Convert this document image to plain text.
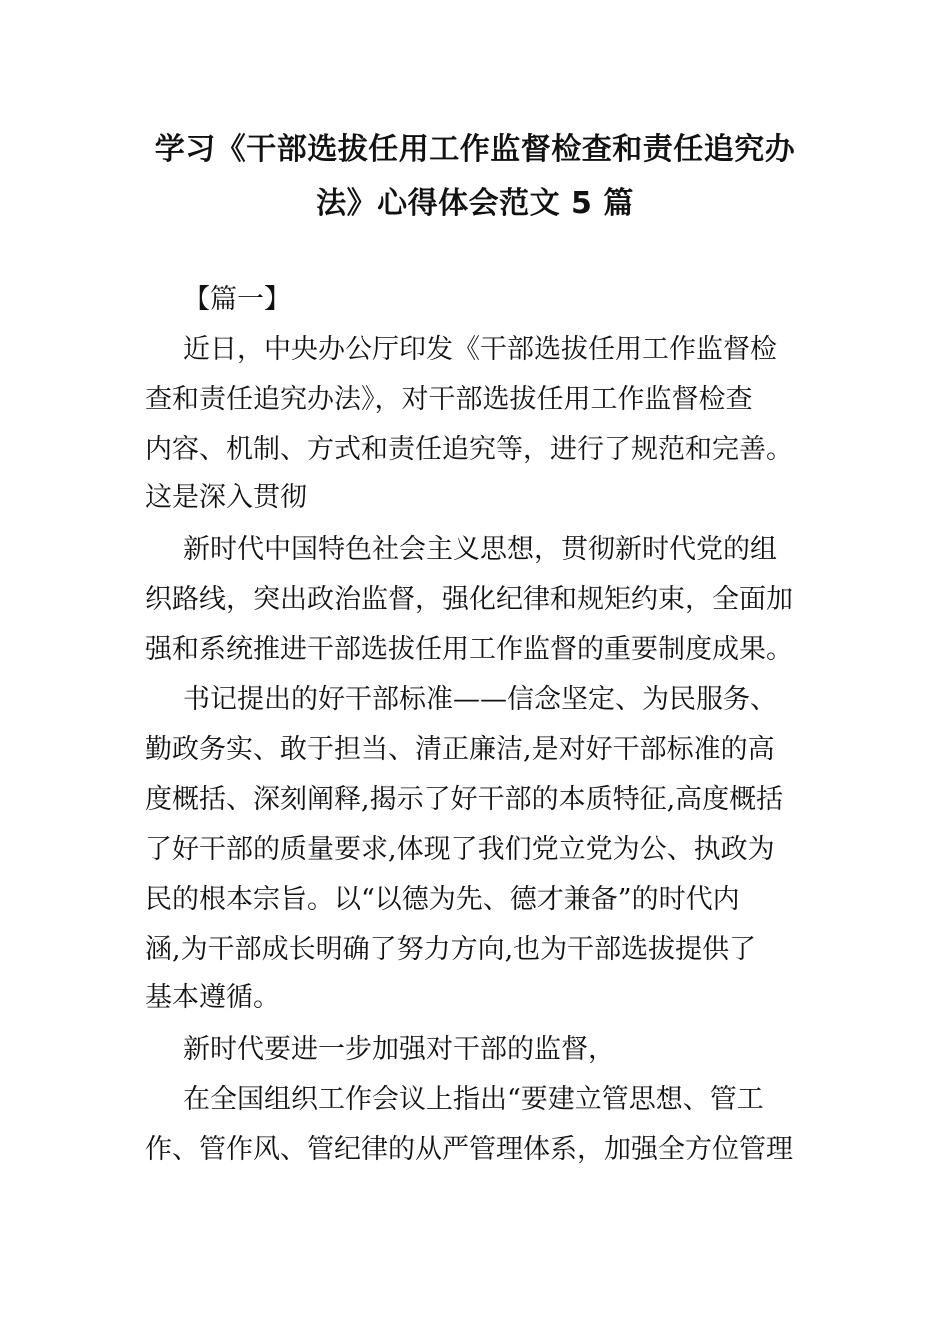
学习《干部选拔任用工作监督检查和责任追究办
法》心得体会范文 5 篇
【篇一】
近日，中央办公厅印发《干部选拔任用工作监督检
查和责任追究办法》，对干部选拔任用工作监督检查
内容、机制、方式和责任追究等，进行了规范和完善。
这是深入贯彻
新时代中国特色社会主义思想，贯彻新时代党的组
织路线，突出政治监督，强化纪律和规矩约束，全面加
强和系统推进干部选拔任用工作监督的重要制度成果。
书记提出的好干部标准——信念坚定、为民服务、
勤政务实、敢于担当、清正廉洁,是对好干部标准的高
度概括、深刻阐释,揭示了好干部的本质特征,高度概括
了好干部的质量要求,体现了我们党立党为公、执政为
民的根本宗旨。以“以德为先、德才兼备”的时代内
涵,为干部成长明确了努力方向,也为干部选拔提供了
基本遵循。
新时代要进一步加强对干部的监督，
在全国组织工作会议上指出“要建立管思想、管工
作、管作风、管纪律的从严管理体系，加强全方位管理
